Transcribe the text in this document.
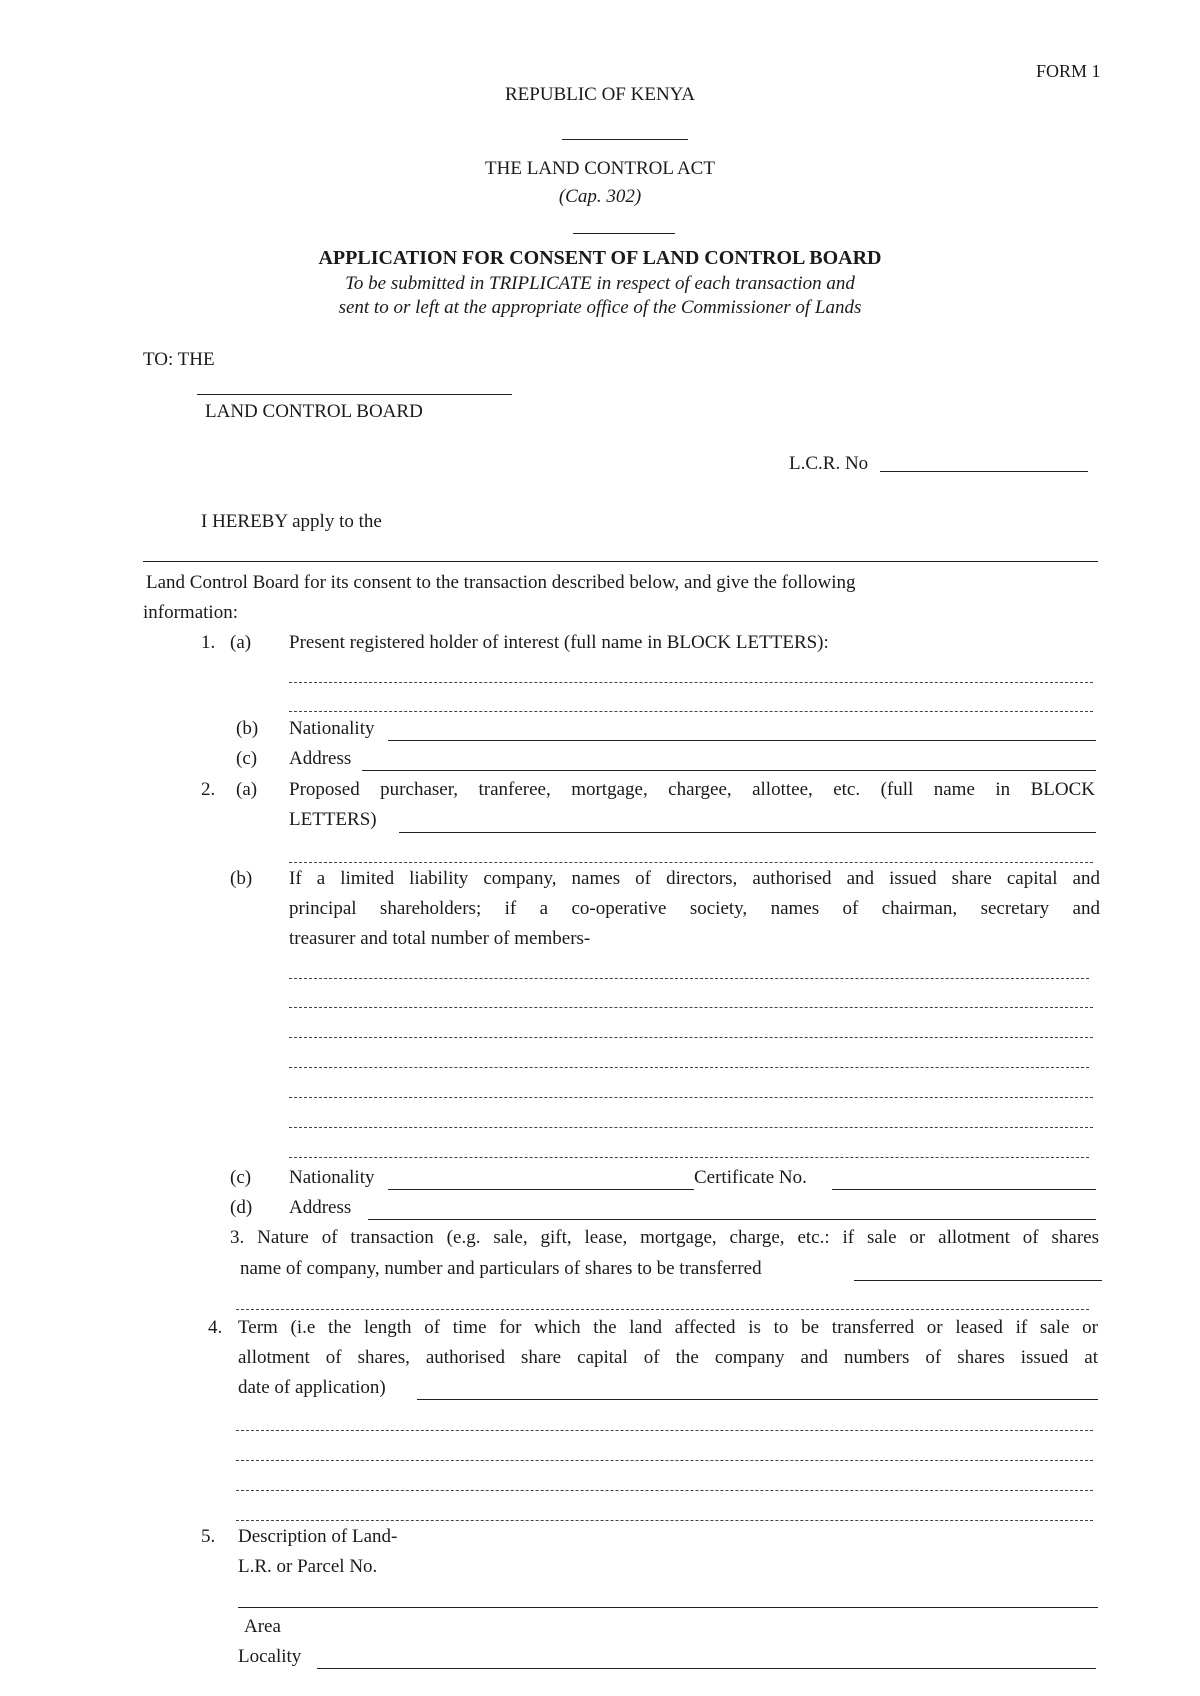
FORM 1
REPUBLIC OF KENYA
THE LAND CONTROL ACT
(Cap. 302)
APPLICATION FOR CONSENT OF LAND CONTROL BOARD
To be submitted in TRIPLICATE in respect of each transaction and
sent to or left at the appropriate office of the Commissioner of Lands
TO: THE
LAND CONTROL BOARD
L.C.R. No
I HEREBY apply to the
Land Control Board for its consent to the transaction described below, and give the following
information:
1. (a) Present registered holder of interest (full name in BLOCK LETTERS):
(b) Nationality
(c) Address
2. (a) Proposed purchaser, tranferee, mortgage, chargee, allottee, etc. (full name in BLOCK
LETTERS)
(b) If a limited liability company, names of directors, authorised and issued share capital and
principal shareholders; if a co-operative society, names of chairman, secretary and
treasurer and total number of members-
(c) Nationality	Certificate No.
(d) Address
3. Nature of transaction (e.g. sale, gift, lease, mortgage, charge, etc.: if sale or allotment of shares
name of company, number and particulars of shares to be transferred
4. Term (i.e the length of time for which the land affected is to be transferred or leased if sale or
allotment of shares, authorised share capital of the company and numbers of shares issued at
date of application)
5. Description of Land-
L.R. or Parcel No.
Area
Locality
